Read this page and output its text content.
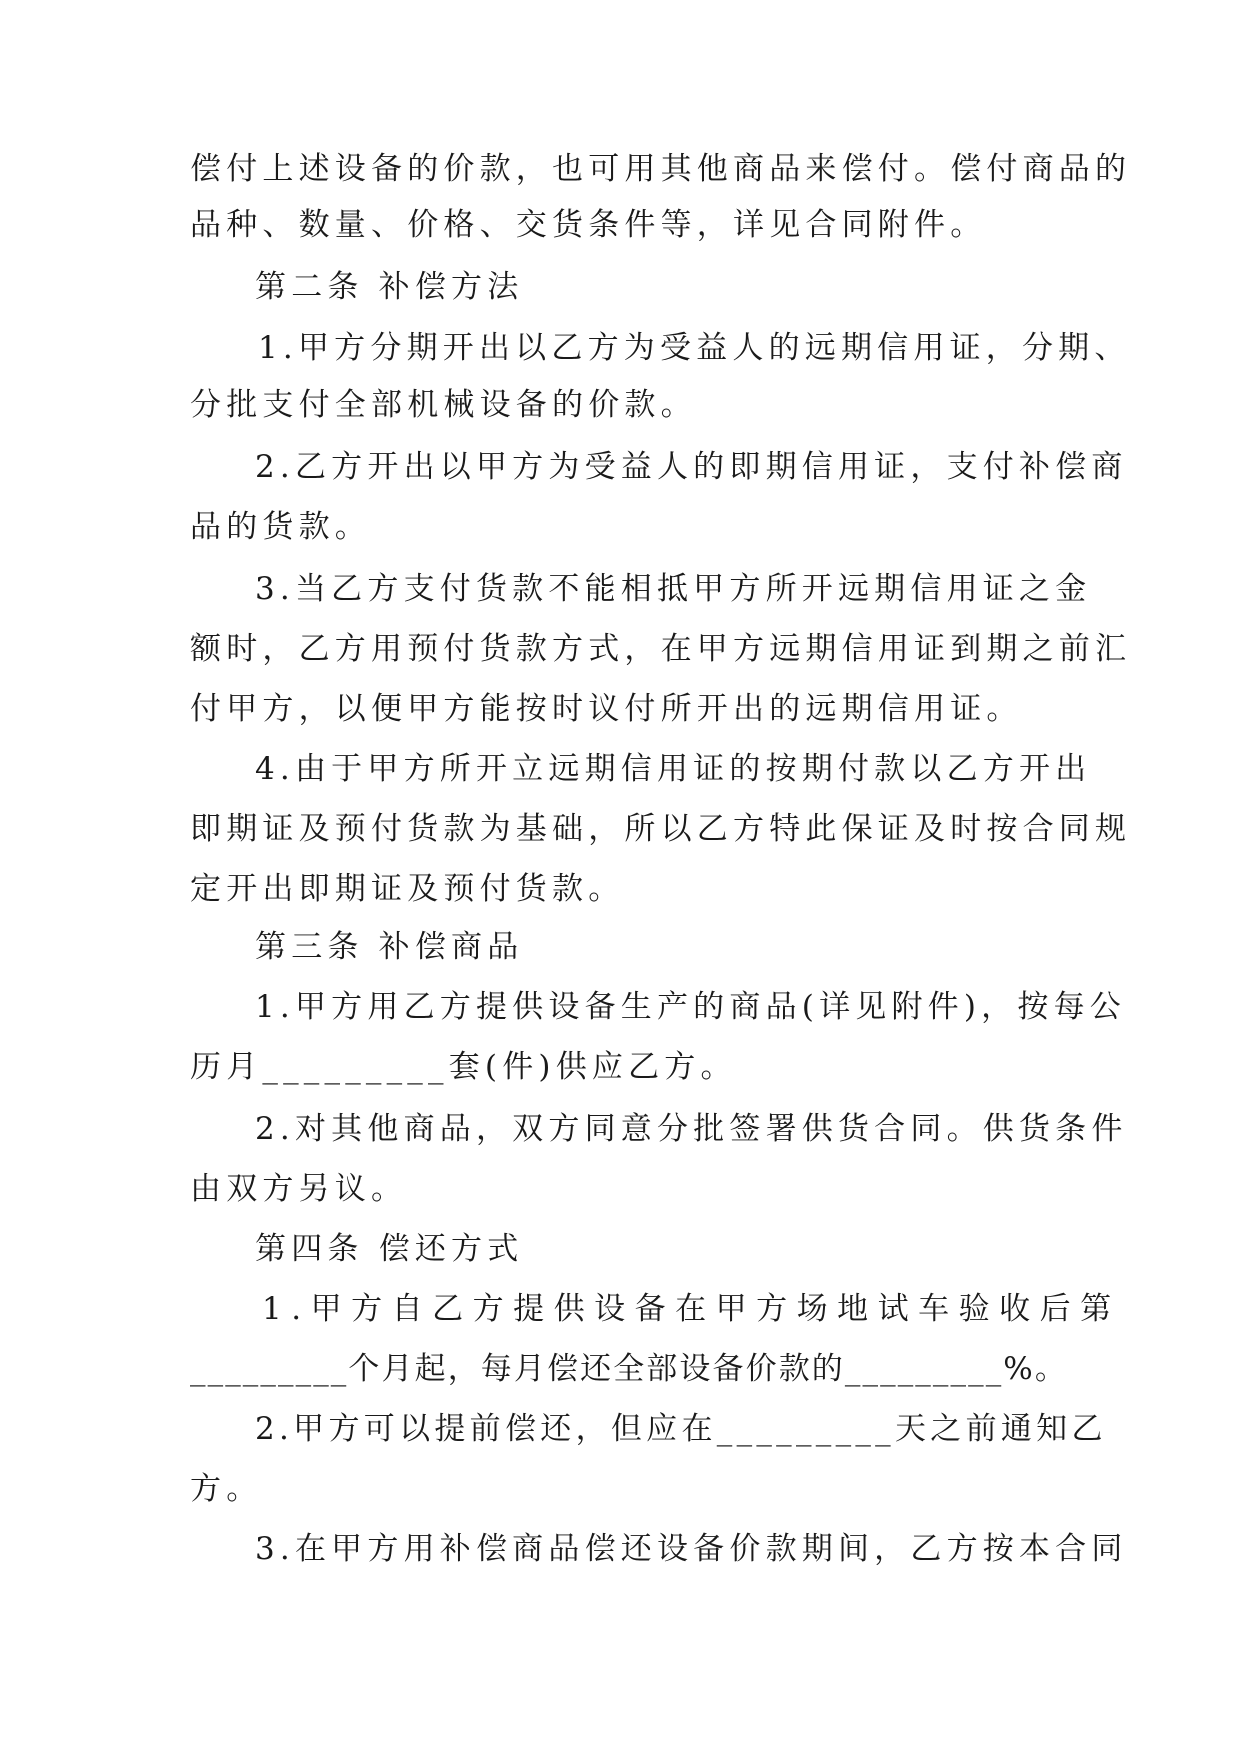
偿付上述设备的价款，也可用其他商品来偿付。偿付商品的
品种、数量、价格、交货条件等，详见合同附件。
第二条 补偿方法
1.甲方分期开出以乙方为受益人的远期信用证，分期、
分批支付全部机械设备的价款。
2.乙方开出以甲方为受益人的即期信用证，支付补偿商
品的货款。
3.当乙方支付货款不能相抵甲方所开远期信用证之金
额时，乙方用预付货款方式，在甲方远期信用证到期之前汇
付甲方，以便甲方能按时议付所开出的远期信用证。
4.由于甲方所开立远期信用证的按期付款以乙方开出
即期证及预付货款为基础，所以乙方特此保证及时按合同规
定开出即期证及预付货款。
第三条 补偿商品
1.甲方用乙方提供设备生产的商品(详见附件)，按每公
历月_________套(件)供应乙方。
2.对其他商品，双方同意分批签署供货合同。供货条件
由双方另议。
第四条 偿还方式
1.甲方自乙方提供设备在甲方场地试车验收后第
_________个月起，每月偿还全部设备价款的_________%。
2.甲方可以提前偿还，但应在_________天之前通知乙
方。
3.在甲方用补偿商品偿还设备价款期间，乙方按本合同
